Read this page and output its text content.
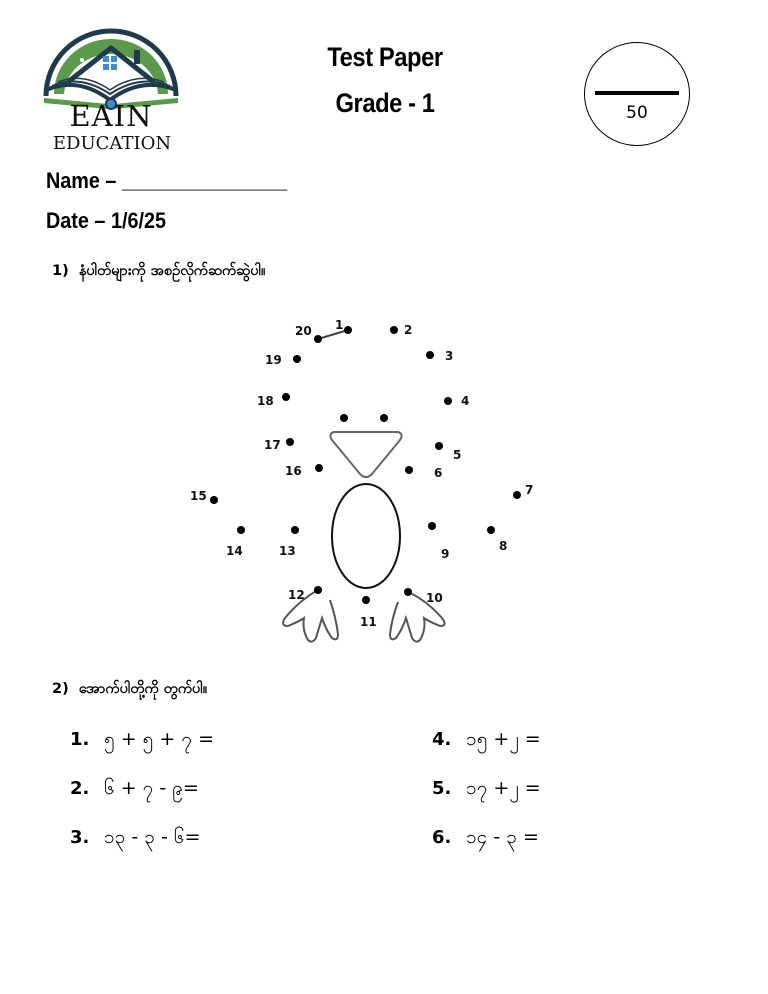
EAIN
EDUCATION
Test Paper
Grade - 1	50
Name – _______________
Date – 1/6/25
1) နံပါတ်များကို အစဉ်လိုက်ဆက်ဆွဲပါ။
1	2
3
4
5
6
7
8
9
10
11
12
13
14
15
16
17
18
19
20
2) အောက်ပါတို့ကို တွက်ပါ။
1. ၅ + ၅ + ၇ =
2. ၆ + ၇ - ၉=
3. ၁၃ - ၃ - ၆=
4. ၁၅ +၂ =
5. ၁၇ +၂ =
6. ၁၄ - ၃ =
